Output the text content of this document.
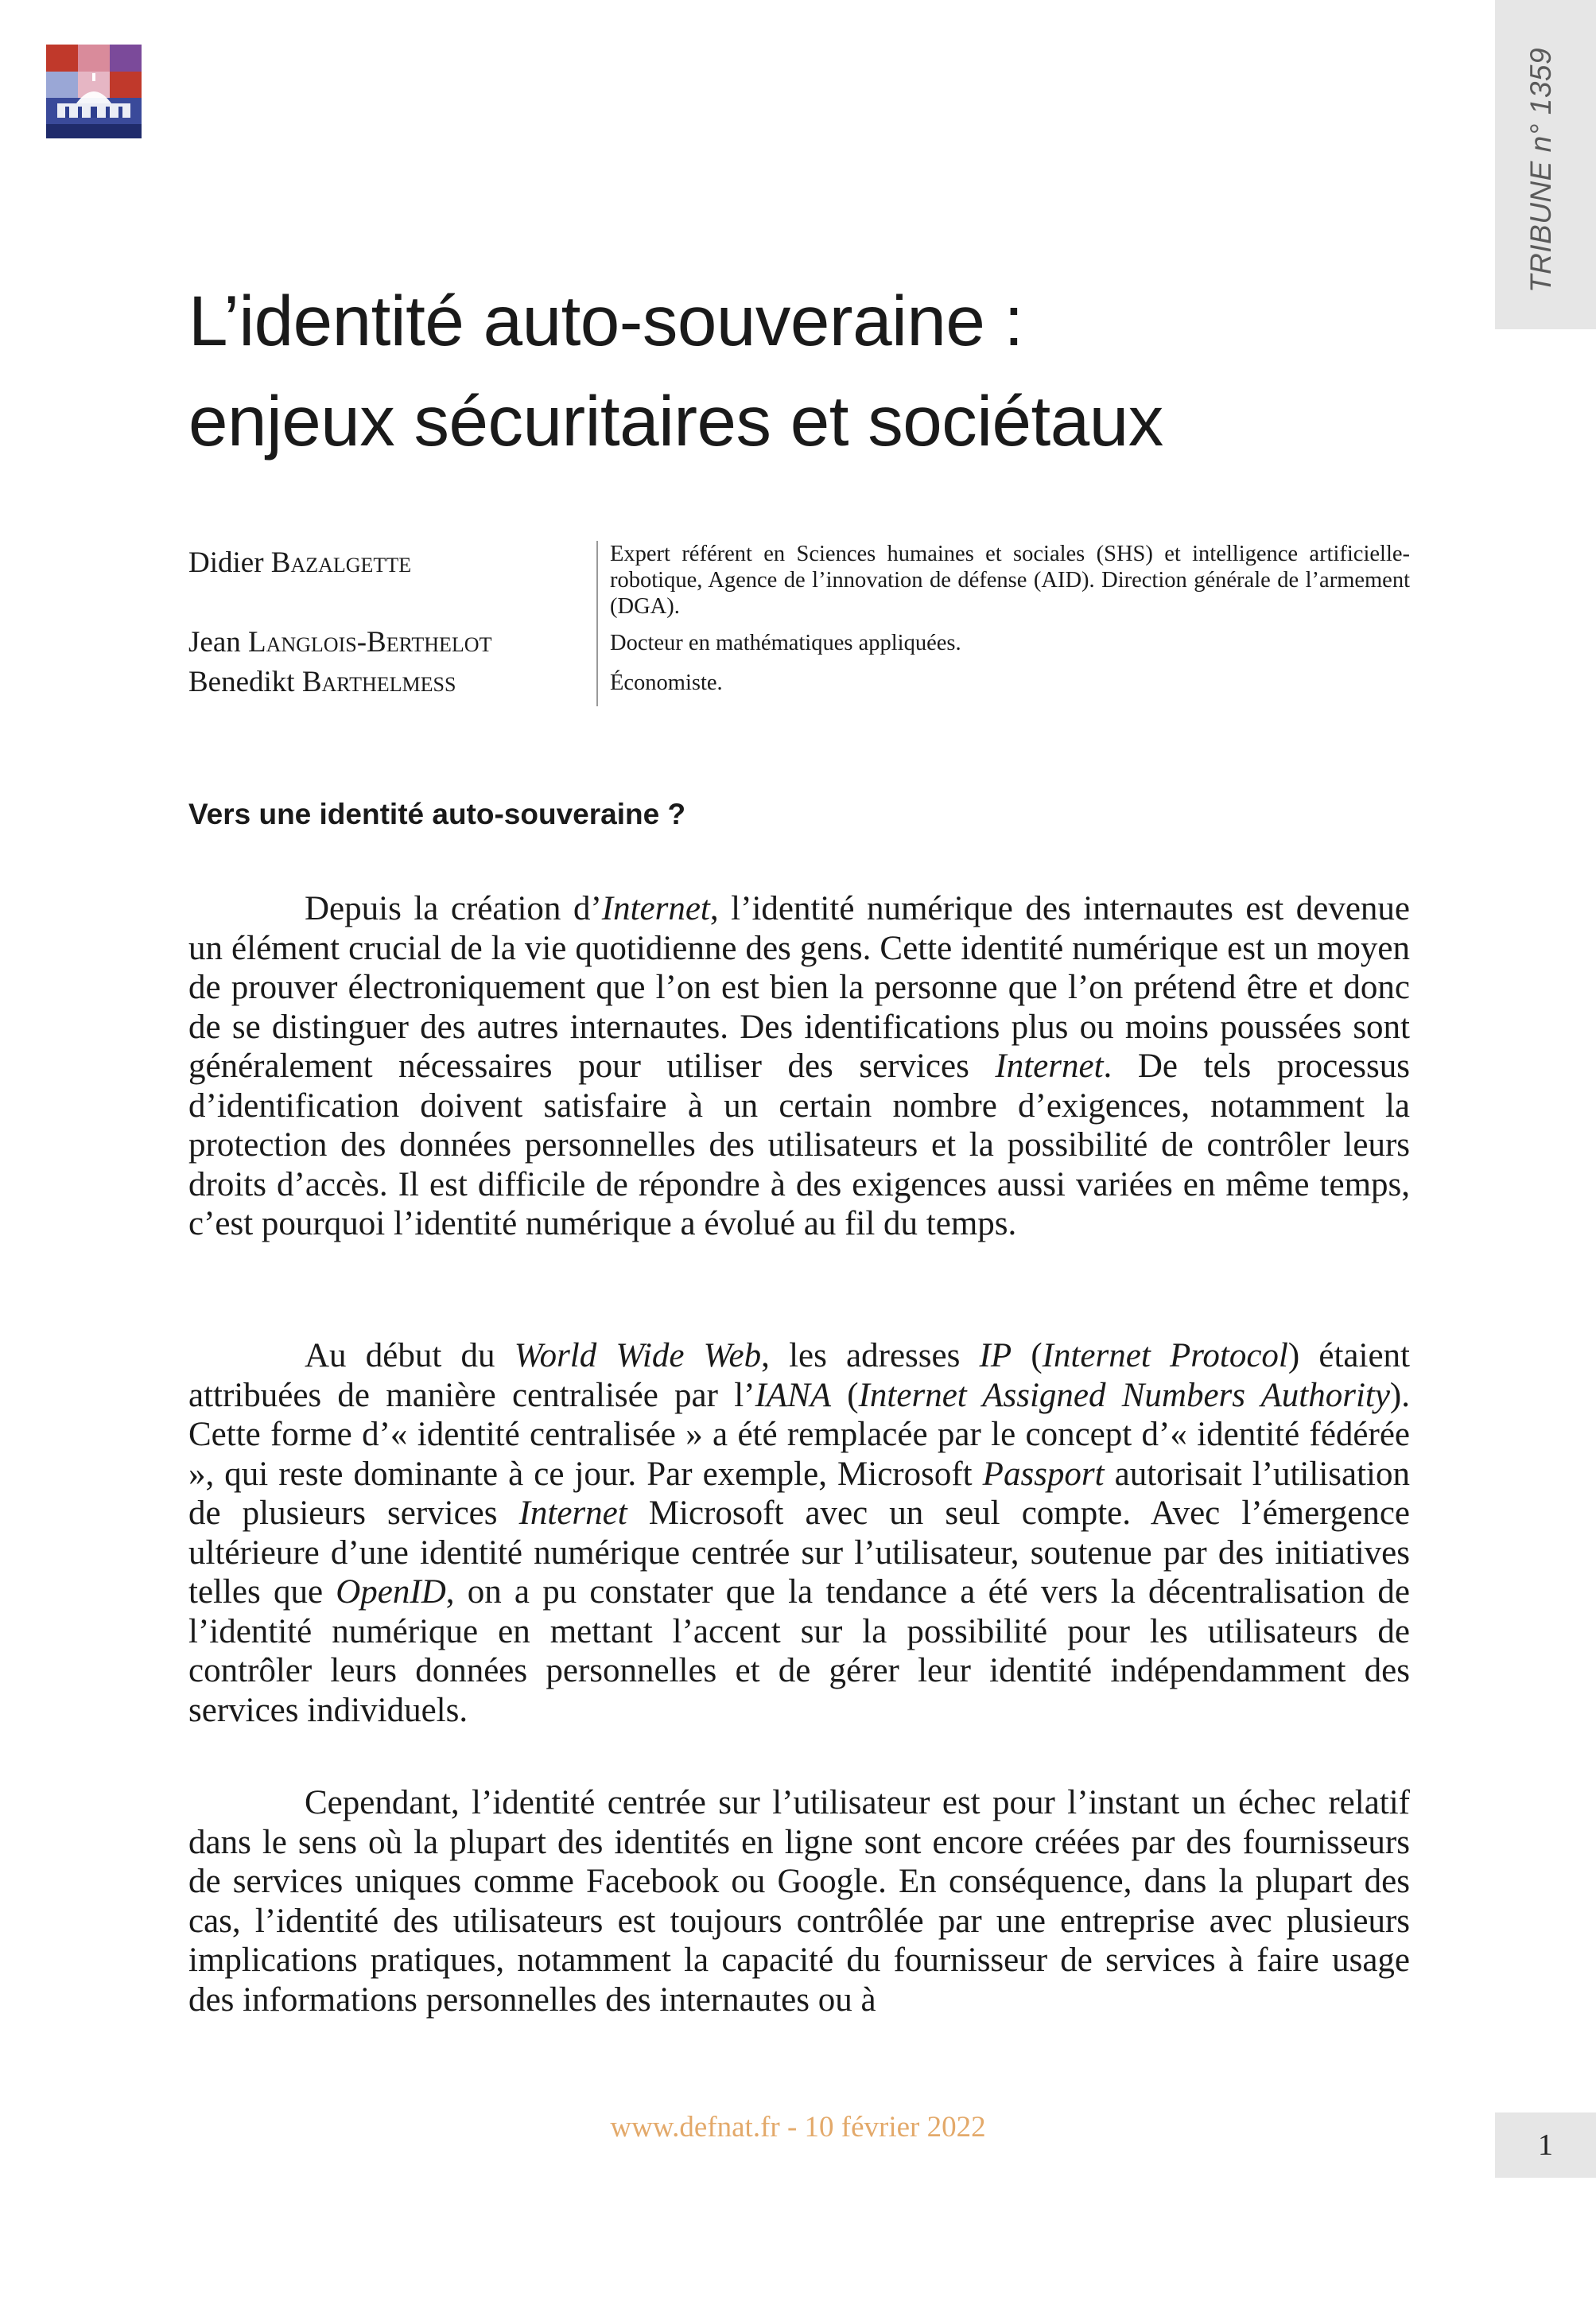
TRIBUNE n° 1359
L’identité auto-souveraine :
enjeux sécuritaires et sociétaux
Didier Bazalgette
Jean Langlois-Berthelot
Benedikt Barthelmess
Expert référent en Sciences humaines et sociales (SHS) et intelligence artificielle-robotique, Agence de l’innovation de défense (AID). Direction générale de l’armement (DGA).
Docteur en mathématiques appliquées.
Économiste.
Vers une identité auto-souveraine ?

Depuis la création d’Internet, l’identité numérique des internautes est devenue un élément crucial de la vie quotidienne des gens. Cette identité numérique est un moyen de prouver électroniquement que l’on est bien la personne que l’on prétend être et donc de se distinguer des autres internautes. Des identifications plus ou moins poussées sont généralement nécessaires pour utiliser des services Internet. De tels processus d’identification doivent satisfaire à un certain nombre d’exigences, notamment la protection des données personnelles des utilisateurs et la possibilité de contrôler leurs droits d’accès. Il est difficile de répondre à des exigences aussi variées en même temps, c’est pourquoi l’identité numérique a évolué au fil du temps.

Au début du World Wide Web, les adresses IP (Internet Protocol) étaient attribuées de manière centralisée par l’IANA (Internet Assigned Numbers Authority). Cette forme d’« identité centralisée » a été remplacée par le concept d’« identité fédérée », qui reste dominante à ce jour. Par exemple, Microsoft Passport autorisait l’utilisation de plusieurs services Internet Microsoft avec un seul compte. Avec l’émergence ultérieure d’une identité numérique centrée sur l’utilisateur, soutenue par des initiatives telles que OpenID, on a pu constater que la tendance a été vers la décentralisation de l’identité numérique en mettant l’accent sur la possibilité pour les utilisateurs de contrôler leurs données personnelles et de gérer leur identité indépendamment des services individuels.

Cependant, l’identité centrée sur l’utilisateur est pour l’instant un échec relatif dans le sens où la plupart des identités en ligne sont encore créées par des fournisseurs de services uniques comme Facebook ou Google. En conséquence, dans la plupart des cas, l’identité des utilisateurs est toujours contrôlée par une entreprise avec plusieurs implications pratiques, notamment la capacité du fournisseur de services à faire usage des informations personnelles des internautes ou à

www.defnat.fr - 10 février 2022
1
